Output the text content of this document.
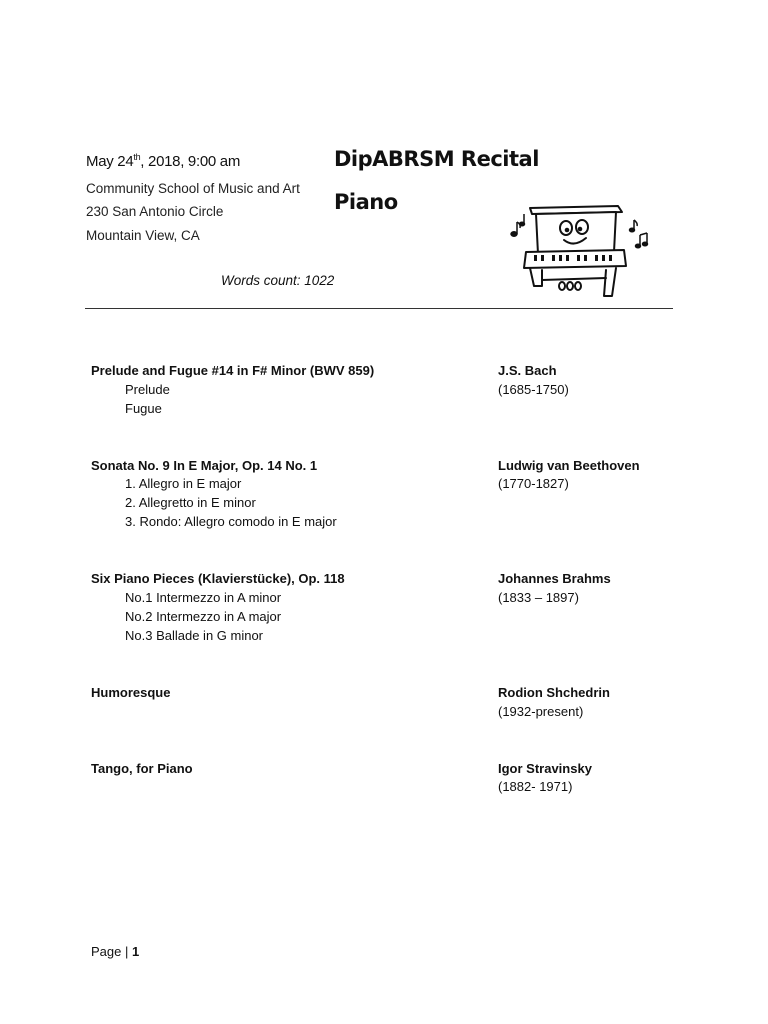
May 24th, 2018, 9:00 am
Community School of Music and Art
230 San Antonio Circle
Mountain View, CA
DipABRSM Recital
Piano
Words count: 1022
Prelude and Fugue #14 in F# Minor (BWV 859)	J.S. Bach
Prelude	(1685-1750)
Fugue
Sonata No. 9 In E Major, Op. 14 No. 1	Ludwig van Beethoven
1. Allegro in E major	(1770-1827)
2. Allegretto in E minor
3. Rondo: Allegro comodo in E major
Six Piano Pieces (Klavierstücke), Op. 118	Johannes Brahms
No.1 Intermezzo in A minor	(1833 – 1897)
No.2 Intermezzo in A major
No.3 Ballade in G minor
Humoresque	Rodion Shchedrin
(1932-present)
Tango, for Piano	Igor Stravinsky
(1882- 1971)
Page | 1
